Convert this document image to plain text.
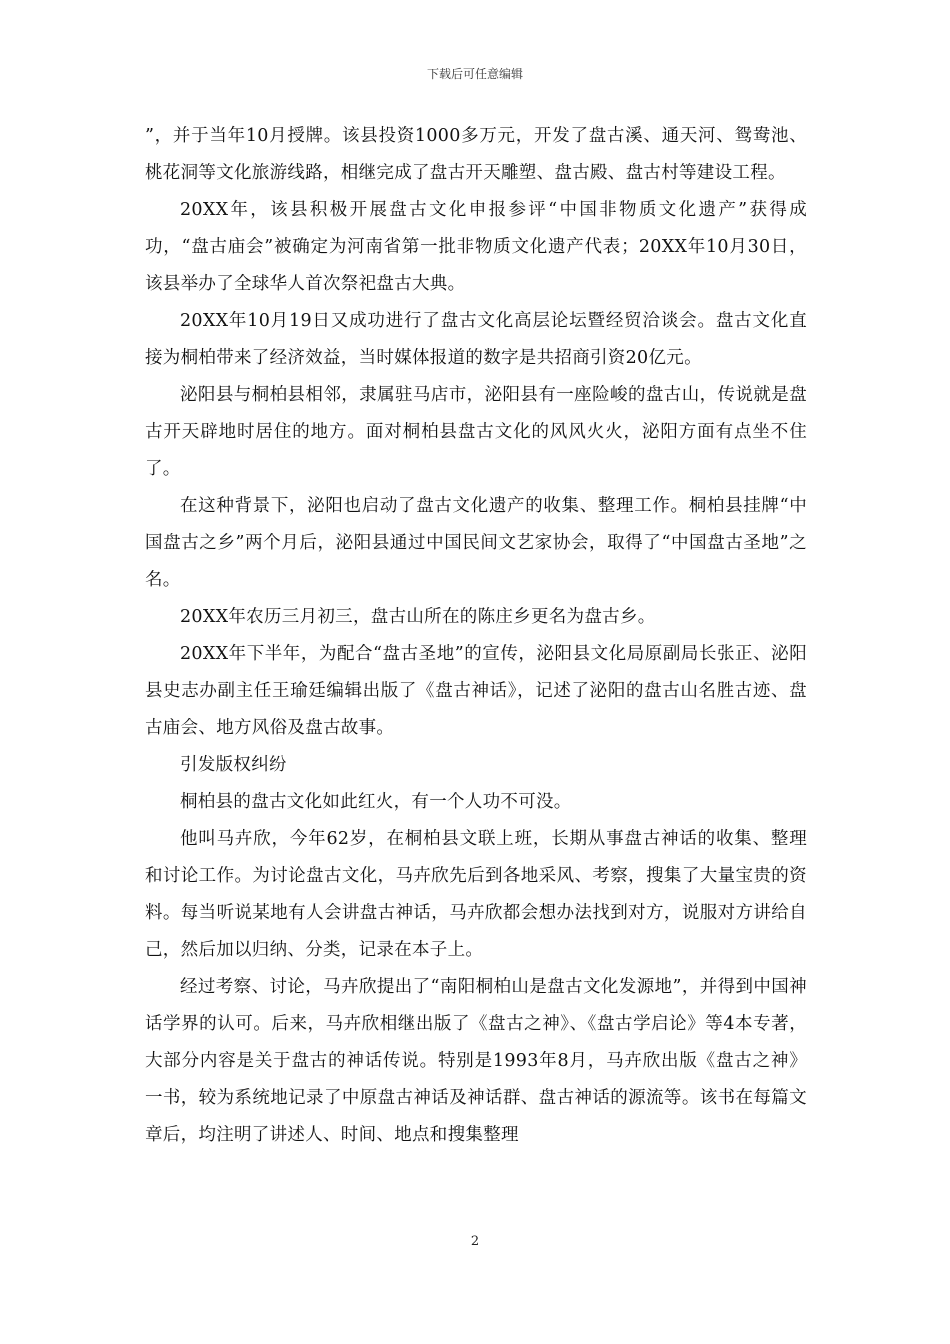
下载后可任意编辑

”，并于当年10月授牌。该县投资1000多万元，开发了盘古溪、通天河、鸳鸯池、桃花洞等文化旅游线路，相继完成了盘古开天雕塑、盘古殿、盘古村等建设工程。

20XX年，该县积极开展盘古文化申报参评“中国非物质文化遗产”获得成功，“盘古庙会”被确定为河南省第一批非物质文化遗产代表；20XX年10月30日，该县举办了全球华人首次祭祀盘古大典。

20XX年10月19日又成功进行了盘古文化高层论坛暨经贸洽谈会。盘古文化直接为桐柏带来了经济效益，当时媒体报道的数字是共招商引资20亿元。

泌阳县与桐柏县相邻，隶属驻马店市，泌阳县有一座险峻的盘古山，传说就是盘古开天辟地时居住的地方。面对桐柏县盘古文化的风风火火，泌阳方面有点坐不住了。

在这种背景下，泌阳也启动了盘古文化遗产的收集、整理工作。桐柏县挂牌“中国盘古之乡”两个月后，泌阳县通过中国民间文艺家协会，取得了“中国盘古圣地”之名。

20XX年农历三月初三，盘古山所在的陈庄乡更名为盘古乡。

20XX年下半年，为配合“盘古圣地”的宣传，泌阳县文化局原副局长张正、泌阳县史志办副主任王瑜廷编辑出版了《盘古神话》，记述了泌阳的盘古山名胜古迹、盘古庙会、地方风俗及盘古故事。

引发版权纠纷

桐柏县的盘古文化如此红火，有一个人功不可没。

他叫马卉欣，今年62岁，在桐柏县文联上班，长期从事盘古神话的收集、整理和讨论工作。为讨论盘古文化，马卉欣先后到各地采风、考察，搜集了大量宝贵的资料。每当听说某地有人会讲盘古神话，马卉欣都会想办法找到对方，说服对方讲给自己，然后加以归纳、分类，记录在本子上。

经过考察、讨论，马卉欣提出了“南阳桐柏山是盘古文化发源地”，并得到中国神话学界的认可。后来，马卉欣相继出版了《盘古之神》、《盘古学启论》等4本专著，大部分内容是关于盘古的神话传说。特别是1993年8月，马卉欣出版《盘古之神》一书，较为系统地记录了中原盘古神话及神话群、盘古神话的源流等。该书在每篇文章后，均注明了讲述人、时间、地点和搜集整理

2
